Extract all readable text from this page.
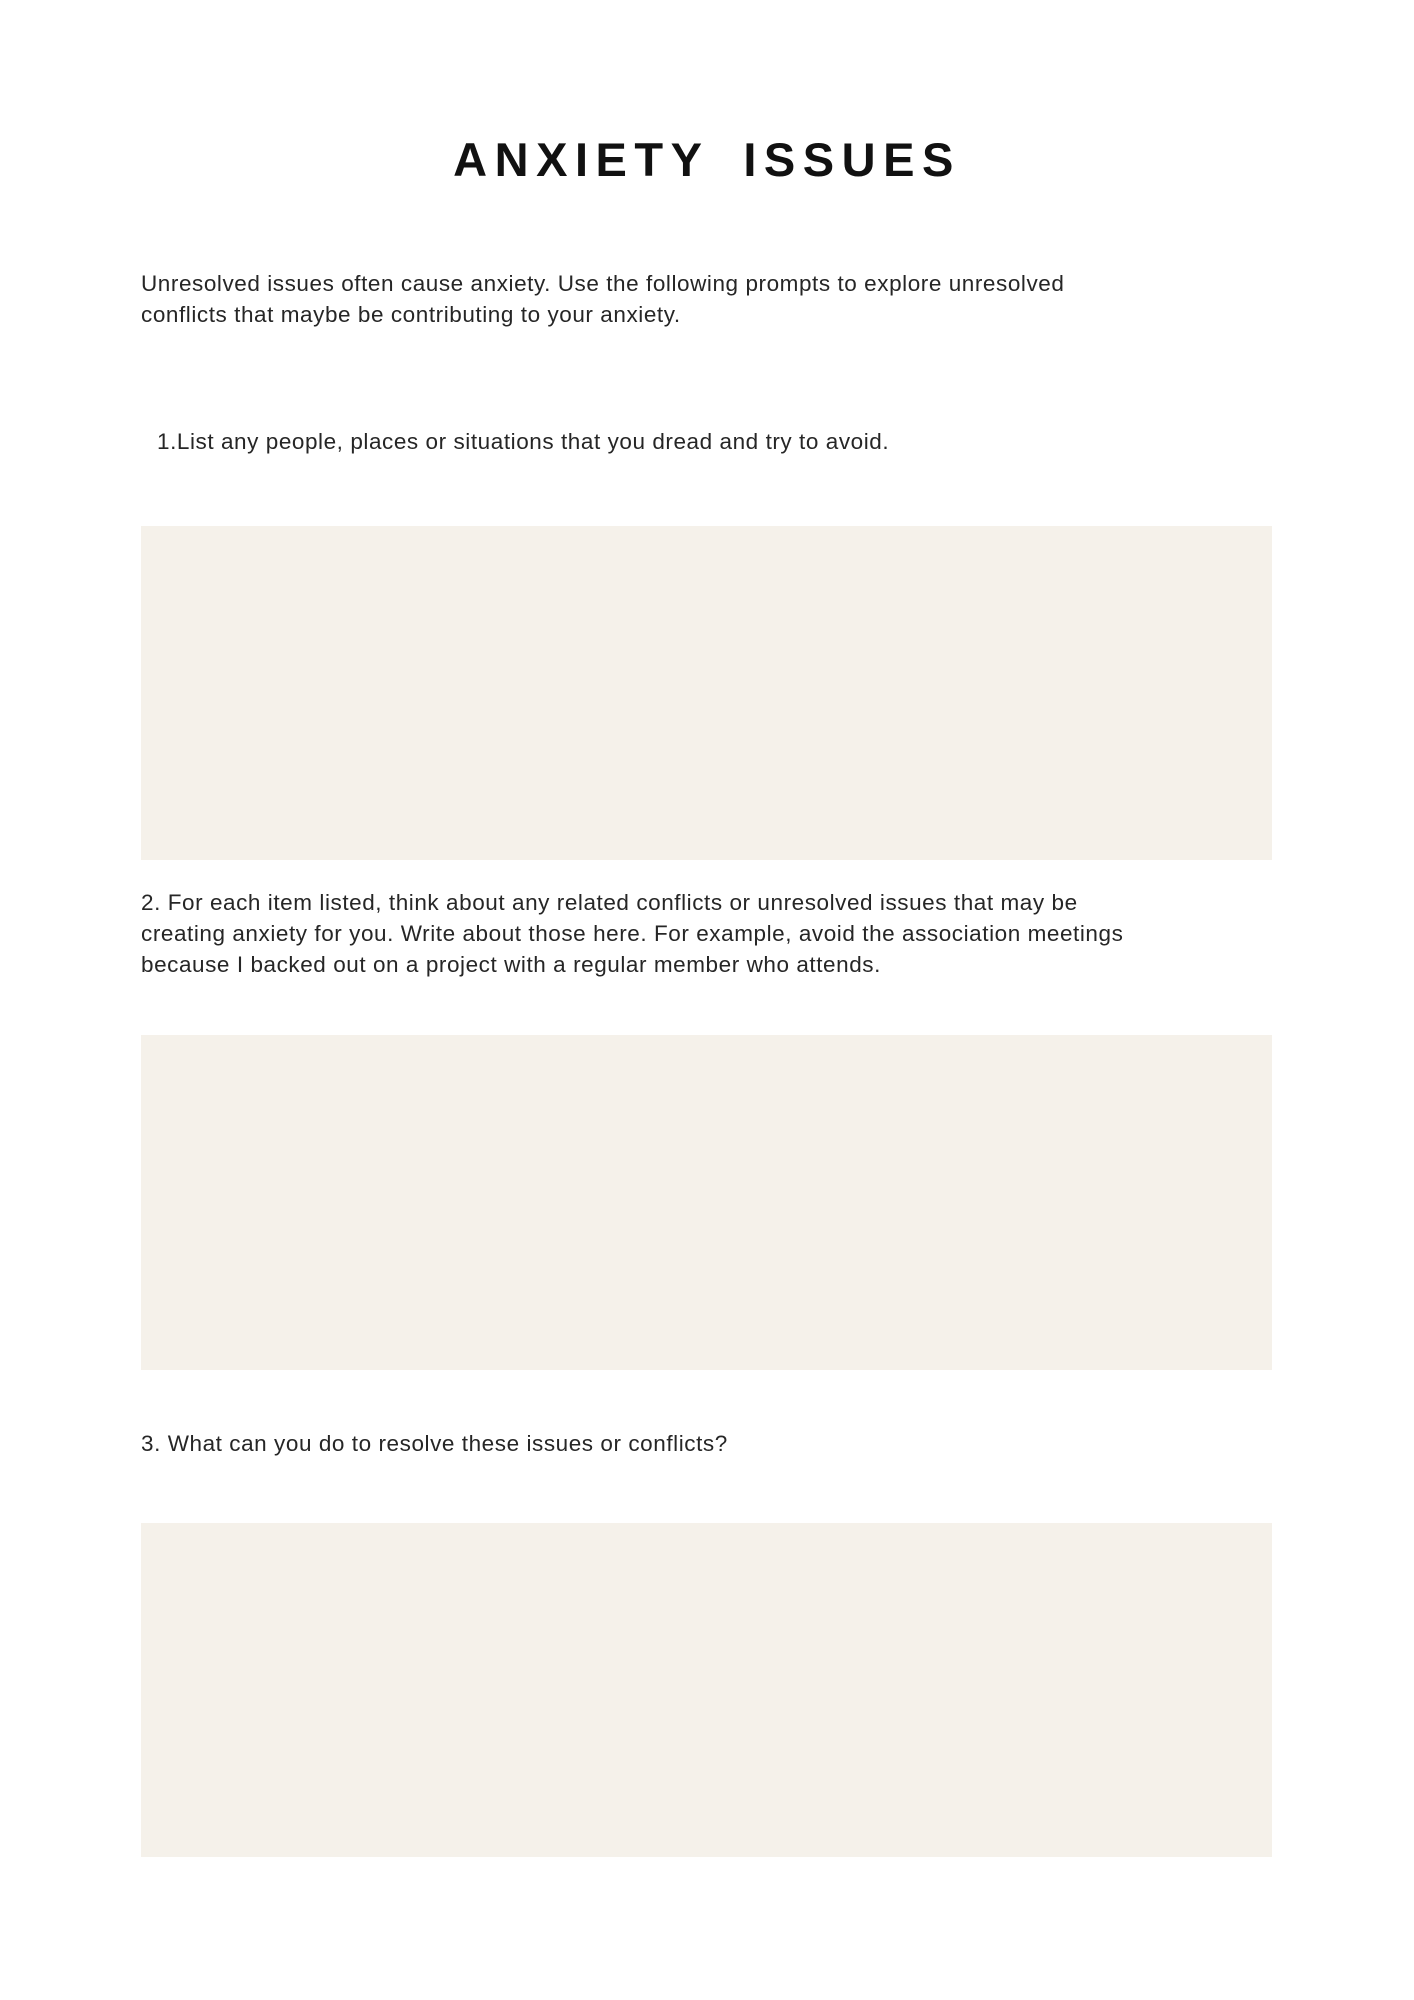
ANXIETY ISSUES
Unresolved issues often cause anxiety. Use the following prompts to explore unresolved
conflicts that maybe be contributing to your anxiety.
1.List any people, places or situations that you dread and try to avoid.
2. For each item listed, think about any related conflicts or unresolved issues that may be
creating anxiety for you. Write about those here. For example, avoid the association meetings
because I backed out on a project with a regular member who attends.
3. What can you do to resolve these issues or conflicts?
